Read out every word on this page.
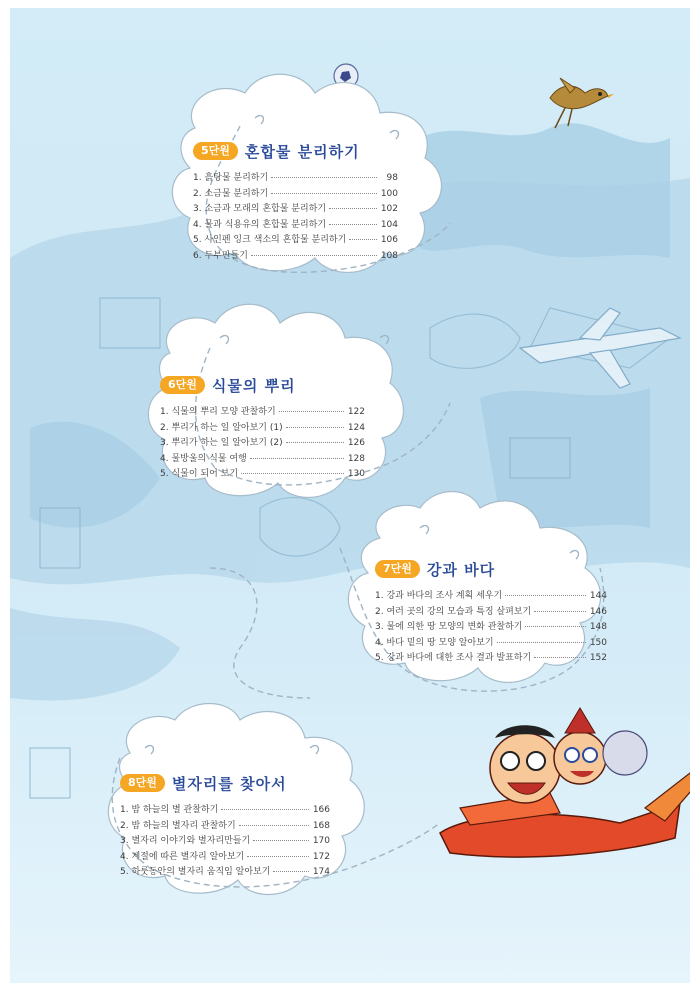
5단원	혼합물 분리하기
1. 흙탕물 분리하기	98
2. 소금물 분리하기	100
3. 소금과 모래의 혼합물 분리하기	102
4. 물과 식용유의 혼합물 분리하기	104
5. 사인펜 잉크 색소의 혼합물 분리하기	106
6. 두부만들기	108
6단원	식물의 뿌리
1. 식물의 뿌리 모양 관찰하기	122
2. 뿌리가 하는 일 알아보기 (1)	124
3. 뿌리가 하는 일 알아보기 (2)	126
4. 물방울의 식물 여행	128
5. 식물이 되어 보기	130
7단원	강과 바다
1. 강과 바다의 조사 계획 세우기	144
2. 여러 곳의 강의 모습과 특징 살펴보기	146
3. 물에 의한 땅 모양의 변화 관찰하기	148
4. 바다 밑의 땅 모양 알아보기	150
5. 강과 바다에 대한 조사 결과 발표하기	152
8단원	별자리를 찾아서
1. 밤 하늘의 별 관찰하기	166
2. 밤 하늘의 별자리 관찰하기	168
3. 별자리 이야기와 별자리만들기	170
4. 계절에 따른 별자리 알아보기	172
5. 하룻동안의 별자리 움직임 알아보기	174
